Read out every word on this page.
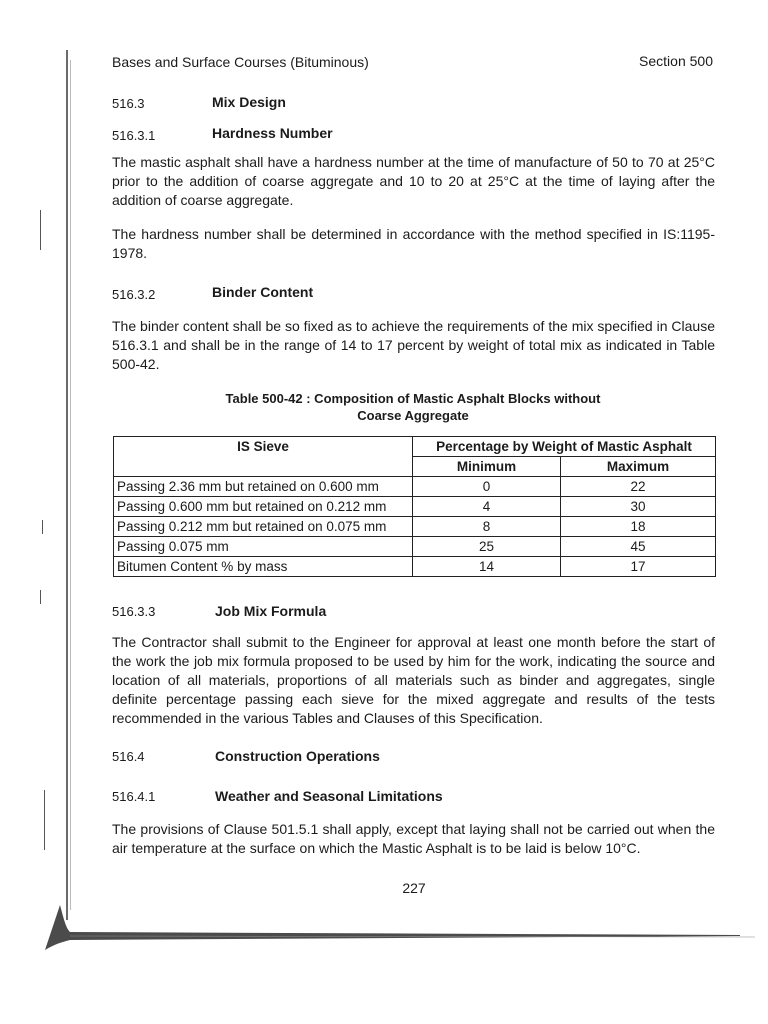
Bases and Surface Courses (Bituminous)	Section 500
516.3	Mix Design
516.3.1	Hardness Number
The mastic asphalt shall have a hardness number at the time of manufacture of 50 to 70 at 25°C prior to the addition of coarse aggregate and 10 to 20 at 25°C at the time of laying after the addition of coarse aggregate.
The hardness number shall be determined in accordance with the method specified in IS:1195-1978.
516.3.2	Binder Content
The binder content shall be so fixed as to achieve the requirements of the mix specified in Clause 516.3.1 and shall be in the range of 14 to 17 percent by weight of total mix as indicated in Table 500-42.
Table 500-42 : Composition of Mastic Asphalt Blocks without
Coarse Aggregate
IS Sieve	Percentage by Weight of Mastic Asphalt	
	Minimum	Maximum
Passing 2.36 mm but retained on 0.600 mm	0	22
Passing 0.600 mm but retained on 0.212 mm	4	30
Passing 0.212 mm but retained on 0.075 mm	8	18
Passing 0.075 mm	25	45
Bitumen Content % by mass	14	17
516.3.3	Job Mix Formula
The Contractor shall submit to the Engineer for approval at least one month before the start of the work the job mix formula proposed to be used by him for the work, indicating the source and location of all materials, proportions of all materials such as binder and aggregates, single definite percentage passing each sieve for the mixed aggregate and results of the tests recommended in the various Tables and Clauses of this Specification.
516.4	Construction Operations
516.4.1	Weather and Seasonal Limitations
The provisions of Clause 501.5.1 shall apply, except that laying shall not be carried out when the air temperature at the surface on which the Mastic Asphalt is to be laid is below 10°C.
227
